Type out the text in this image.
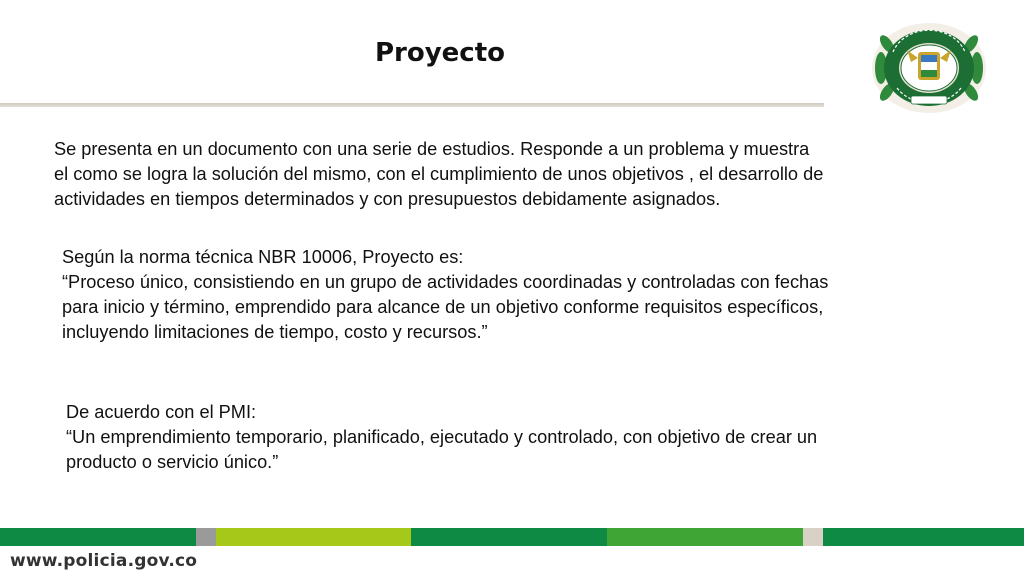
Proyecto

Se presenta en un documento con una serie de estudios. Responde a un problema y muestra
el como se logra la solución del mismo, con el cumplimiento de unos objetivos , el desarrollo de
actividades en tiempos determinados y con presupuestos debidamente asignados.

Según la norma técnica NBR 10006, Proyecto es:
“Proceso único, consistiendo en un grupo de actividades coordinadas y controladas con fechas
para inicio y término, emprendido para alcance de un objetivo conforme requisitos específicos,
incluyendo limitaciones de tiempo, costo y recursos.”

De acuerdo con el PMI:
“Un emprendimiento temporario, planificado, ejecutado y controlado, con objetivo de crear un
producto o servicio único.”

www.policia.gov.co
